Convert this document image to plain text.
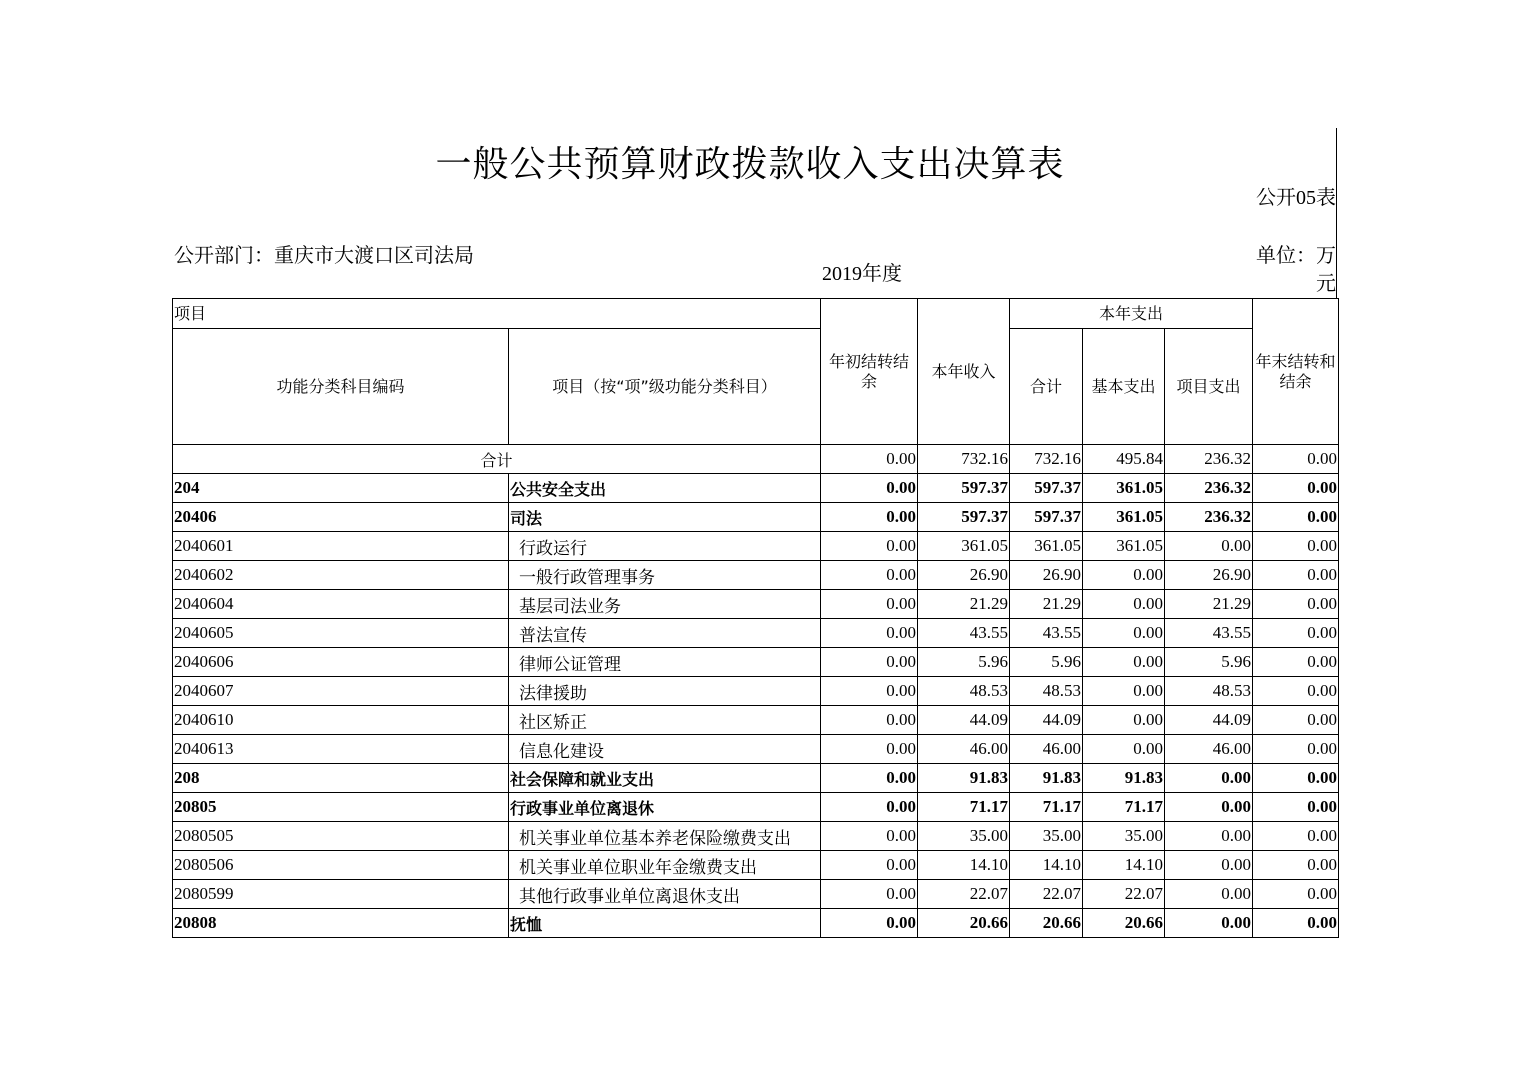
一般公共预算财政拨款收入支出决算表
公开05表
公开部门：重庆市大渡口区司法局
2019年度
单位：万元
项目		年初结转结余	本年收入	本年支出			年末结转和结余
功能分类科目编码	项目（按“项”级功能分类科目）			合计	基本支出	项目支出	
合计		0.00	732.16	732.16	495.84	236.32	0.00
204	公共安全支出	0.00	597.37	597.37	361.05	236.32	0.00
20406	司法	0.00	597.37	597.37	361.05	236.32	0.00
2040601	行政运行	0.00	361.05	361.05	361.05	0.00	0.00
2040602	一般行政管理事务	0.00	26.90	26.90	0.00	26.90	0.00
2040604	基层司法业务	0.00	21.29	21.29	0.00	21.29	0.00
2040605	普法宣传	0.00	43.55	43.55	0.00	43.55	0.00
2040606	律师公证管理	0.00	5.96	5.96	0.00	5.96	0.00
2040607	法律援助	0.00	48.53	48.53	0.00	48.53	0.00
2040610	社区矫正	0.00	44.09	44.09	0.00	44.09	0.00
2040613	信息化建设	0.00	46.00	46.00	0.00	46.00	0.00
208	社会保障和就业支出	0.00	91.83	91.83	91.83	0.00	0.00
20805	行政事业单位离退休	0.00	71.17	71.17	71.17	0.00	0.00
2080505	机关事业单位基本养老保险缴费支出	0.00	35.00	35.00	35.00	0.00	0.00
2080506	机关事业单位职业年金缴费支出	0.00	14.10	14.10	14.10	0.00	0.00
2080599	其他行政事业单位离退休支出	0.00	22.07	22.07	22.07	0.00	0.00
20808	抚恤	0.00	20.66	20.66	20.66	0.00	0.00
